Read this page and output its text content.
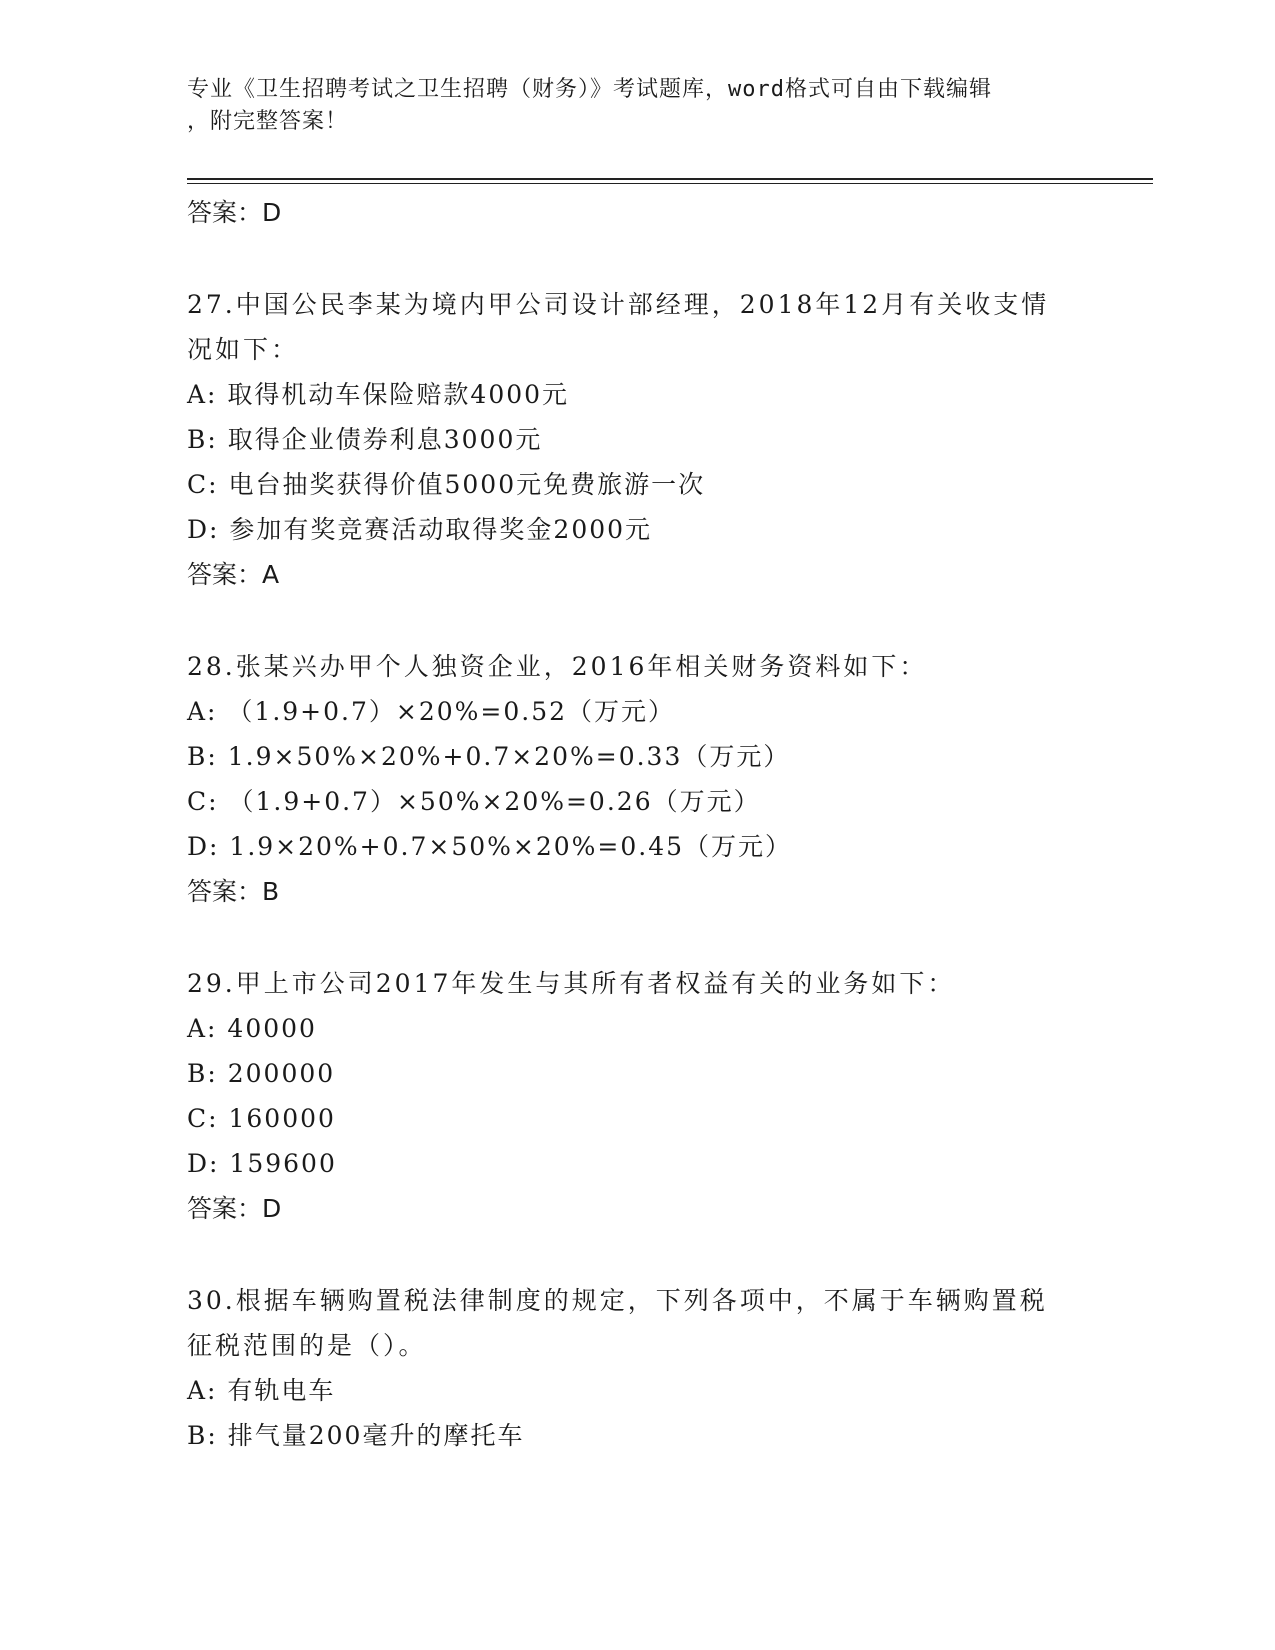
专业《卫生招聘考试之卫生招聘（财务）》考试题库，word格式可自由下载编辑
，附完整答案！
答案：D

27.中国公民李某为境内甲公司设计部经理，2018年12月有关收支情

况如下：

A: 取得机动车保险赔款4000元

B: 取得企业债券利息3000元

C: 电台抽奖获得价值5000元免费旅游一次

D: 参加有奖竞赛活动取得奖金2000元

答案：A

28.张某兴办甲个人独资企业，2016年相关财务资料如下：

A: （1.9+0.7）×20%=0.52（万元）

B: 1.9×50%×20%+0.7×20%=0.33（万元）

C: （1.9+0.7）×50%×20%=0.26（万元）

D: 1.9×20%+0.7×50%×20%=0.45（万元）

答案：B

29.甲上市公司2017年发生与其所有者权益有关的业务如下：

A: 40000

B: 200000

C: 160000

D: 159600

答案：D

30.根据车辆购置税法律制度的规定，下列各项中，不属于车辆购置税

征税范围的是（）。

A: 有轨电车

B: 排气量200毫升的摩托车
